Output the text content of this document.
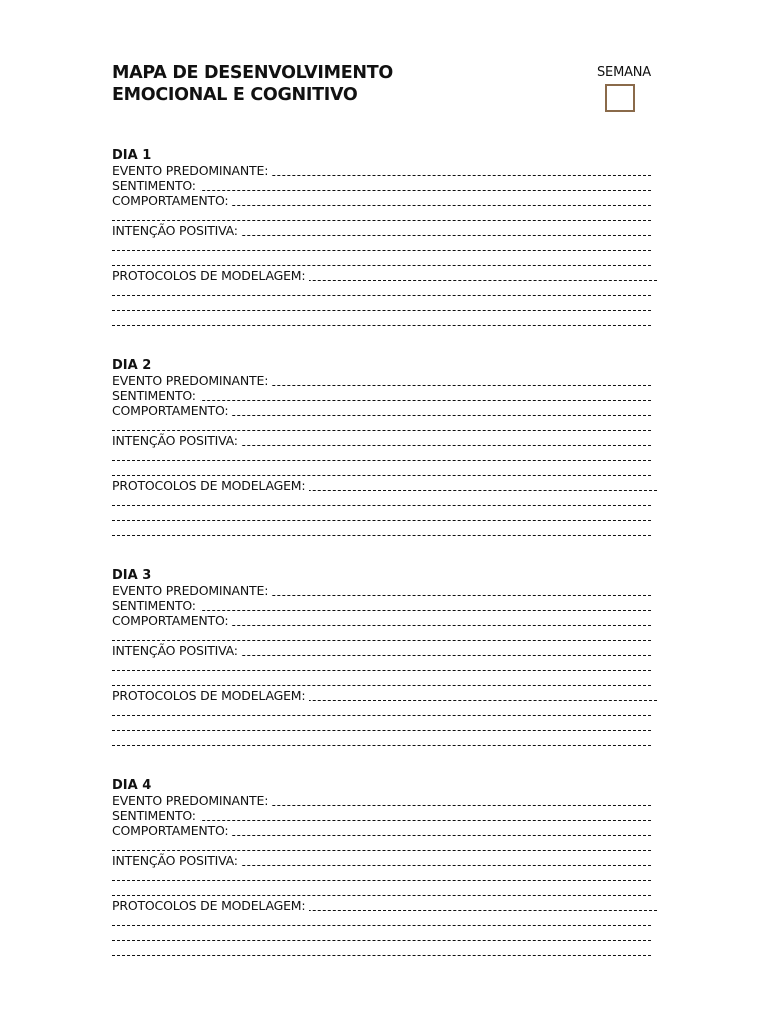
MAPA DE DESENVOLVIMENTO
EMOCIONAL E COGNITIVO
SEMANA
DIA 1
EVENTO PREDOMINANTE:
SENTIMENTO:
COMPORTAMENTO:
INTENÇÃO POSITIVA:
PROTOCOLOS DE MODELAGEM:
DIA 2
EVENTO PREDOMINANTE:
SENTIMENTO:
COMPORTAMENTO:
INTENÇÃO POSITIVA:
PROTOCOLOS DE MODELAGEM:
DIA 3
EVENTO PREDOMINANTE:
SENTIMENTO:
COMPORTAMENTO:
INTENÇÃO POSITIVA:
PROTOCOLOS DE MODELAGEM:
DIA 4
EVENTO PREDOMINANTE:
SENTIMENTO:
COMPORTAMENTO:
INTENÇÃO POSITIVA:
PROTOCOLOS DE MODELAGEM:
